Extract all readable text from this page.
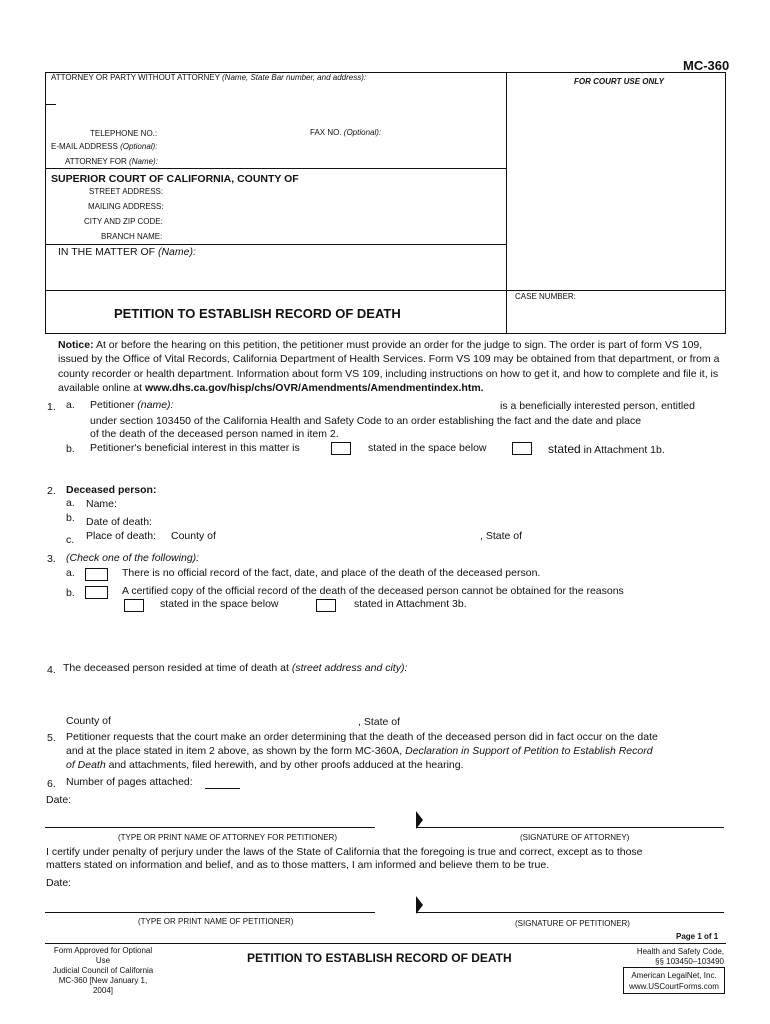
MC-360
ATTORNEY OR PARTY WITHOUT ATTORNEY (Name, State Bar number, and address):	FOR COURT USE ONLY
TELEPHONE NO.:	FAX NO. (Optional):
E-MAIL ADDRESS (Optional):
ATTORNEY FOR (Name):
SUPERIOR COURT OF CALIFORNIA, COUNTY OF
STREET ADDRESS:
MAILING ADDRESS:
CITY AND ZIP CODE:
BRANCH NAME:
IN THE MATTER OF (Name):
PETITION TO ESTABLISH RECORD OF DEATH
CASE NUMBER:
Notice: At or before the hearing on this petition, the petitioner must provide an order for the judge to sign. The order is part of form VS 109, issued by the Office of Vital Records, California Department of Health Services. Form VS 109 may be obtained from that department, or from a county recorder or health department. Information about form VS 109, including instructions on how to get it, and how to complete and file it, is available online at www.dhs.ca.gov/hisp/chs/OVR/Amendments/Amendmentindex.htm.
1. a. Petitioner (name):	is a beneficially interested person, entitled
under section 103450 of the California Health and Safety Code to an order establishing the fact and the date and place
of the death of the deceased person named in item 2.
b. Petitioner's beneficial interest in this matter is	stated in the space below	stated in Attachment 1b.
2. Deceased person:
a. Name:
b. Date of death:
c. Place of death: County of	, State of
3. (Check one of the following):
a.	There is no official record of the fact, date, and place of the death of the deceased person.
b.	A certified copy of the official record of the death of the deceased person cannot be obtained for the reasons
stated in the space below	stated in Attachment 3b.
4. The deceased person resided at time of death at (street address and city):
County of	, State of
5. Petitioner requests that the court make an order determining that the death of the deceased person did in fact occur on the date
and at the place stated in item 2 above, as shown by the form MC-360A, Declaration in Support of Petition to Establish Record
of Death and attachments, filed herewith, and by other proofs adduced at the hearing.
6. Number of pages attached:
Date:
(TYPE OR PRINT NAME OF ATTORNEY FOR PETITIONER)	(SIGNATURE OF ATTORNEY)
I certify under penalty of perjury under the laws of the State of California that the foregoing is true and correct, except as to those
matters stated on information and belief, and as to those matters, I am informed and believe them to be true.
Date:
(TYPE OR PRINT NAME OF PETITIONER)	(SIGNATURE OF PETITIONER)
Page 1 of 1
Form Approved for Optional Use
Judicial Council of California
MC-360 [New January 1, 2004]
PETITION TO ESTABLISH RECORD OF DEATH	Health and Safety Code,
§§ 103450–103490
American LegalNet, Inc.
www.USCourtForms.com
